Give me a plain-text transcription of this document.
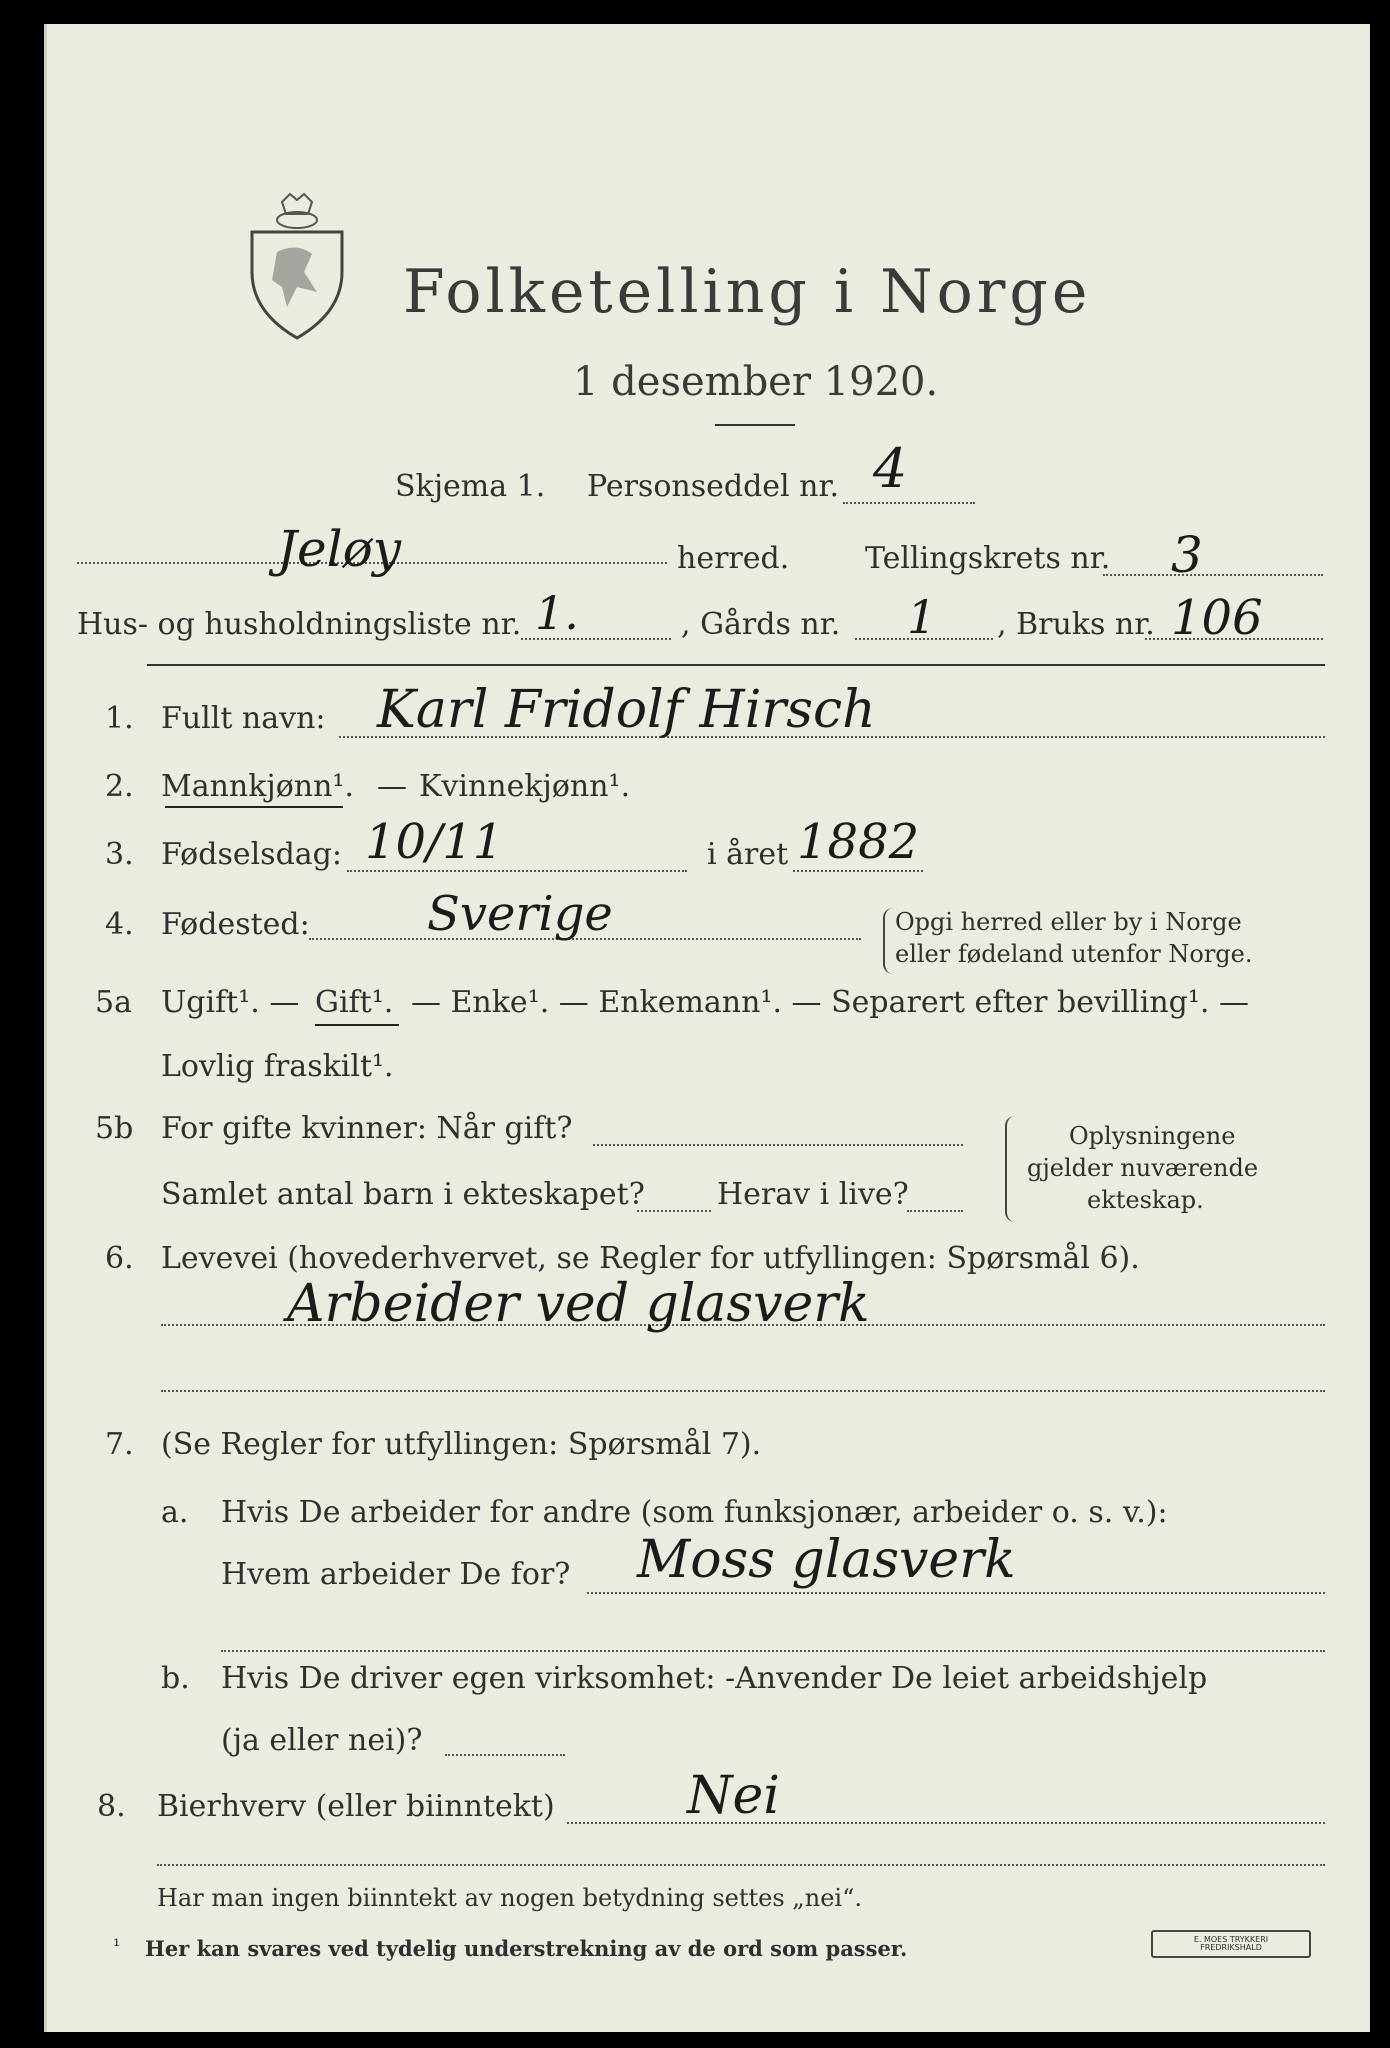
Folketelling i Norge
1 desember 1920.
Skjema 1. Personseddel nr. 4
Jeløy	herred.	Tellingskrets nr. 3
Hus- og husholdningsliste nr. 1.	, Gårds nr. 1 , Bruks nr. 106
1. Fullt navn: Karl Fridolf Hirsch
2. Mannkjønn¹. — Kvinnekjønn¹.
3. Fødselsdag: 10/11	i året 1882
4. Fødested: Sverige	Opgi herred eller by i Norge
eller fødeland utenfor Norge.
5a Ugift¹. — Gift¹. — Enke¹. — Enkemann¹. — Separert efter bevilling¹. —
Lovlig fraskilt¹.
5b For gifte kvinner: Når gift?
Samlet antal barn i ekteskapet? Herav i live?
Oplysningene
gjelder nuværende
ekteskap.
6. Levevei (hovederhvervet, se Regler for utfyllingen: Spørsmål 6).
Arbeider ved glasverk
7. (Se Regler for utfyllingen: Spørsmål 7).
a. Hvis De arbeider for andre (som funksjonær, arbeider o. s. v.):
Hvem arbeider De for? Moss glasverk
b. Hvis De driver egen virksomhet: -Anvender De leiet arbeidshjelp
(ja eller nei)?
8. Bierhverv (eller biinntekt)	Nei
Har man ingen biinntekt av nogen betydning settes „nei“.
¹ Her kan svares ved tydelig understrekning av de ord som passer.	E. MOES TRYKKERI FREDRIKSHALD
